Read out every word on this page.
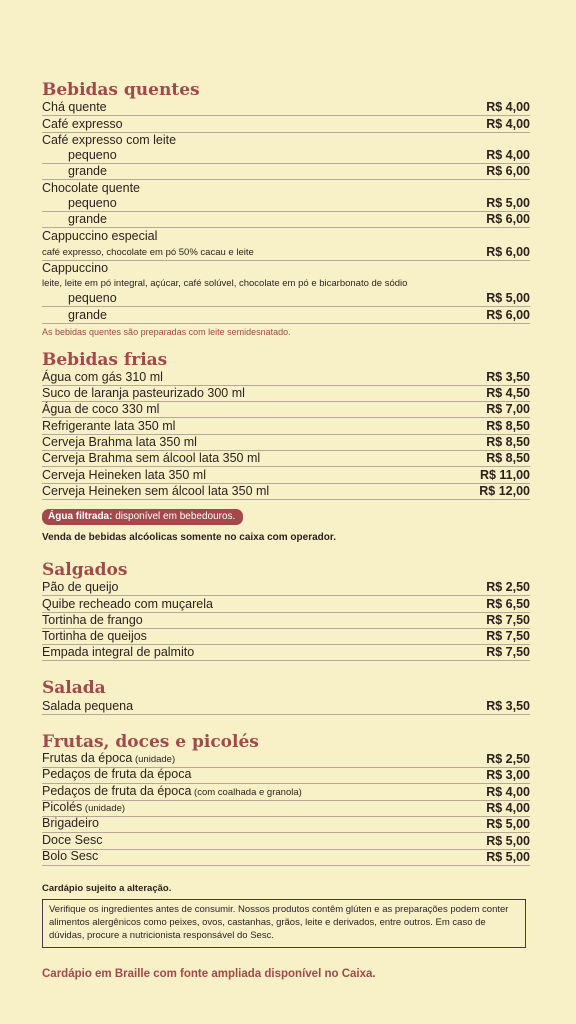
Bebidas quentes
Chá quente	R$ 4,00
Café expresso	R$ 4,00
Café expresso com leite
pequeno	R$ 4,00
grande	R$ 6,00
Chocolate quente
pequeno	R$ 5,00
grande	R$ 6,00
Cappuccino especial
café expresso, chocolate em pó 50% cacau e leite	R$ 6,00
Cappuccino
leite, leite em pó integral, açúcar, café solúvel, chocolate em pó e bicarbonato de sódio
pequeno	R$ 5,00
grande	R$ 6,00
As bebidas quentes são preparadas com leite semidesnatado.
Bebidas frias
Água com gás 310 ml	R$ 3,50
Suco de laranja pasteurizado 300 ml	R$ 4,50
Água de coco 330 ml	R$ 7,00
Refrigerante lata 350 ml	R$ 8,50
Cerveja Brahma lata 350 ml	R$ 8,50
Cerveja Brahma sem álcool lata 350 ml	R$ 8,50
Cerveja Heineken lata 350 ml	R$ 11,00
Cerveja Heineken sem álcool lata 350 ml	R$ 12,00
Água filtrada: disponível em bebedouros.
Venda de bebidas alcóolicas somente no caixa com operador.
Salgados
Pão de queijo	R$ 2,50
Quibe recheado com muçarela	R$ 6,50
Tortinha de frango	R$ 7,50
Tortinha de queijos	R$ 7,50
Empada integral de palmito	R$ 7,50
Salada
Salada pequena	R$ 3,50
Frutas, doces e picolés
Frutas da época (unidade)	R$ 2,50
Pedaços de fruta da época	R$ 3,00
Pedaços de fruta da época (com coalhada e granola)	R$ 4,00
Picolés (unidade)	R$ 4,00
Brigadeiro	R$ 5,00
Doce Sesc	R$ 5,00
Bolo Sesc	R$ 5,00
Cardápio sujeito a alteração.
Verifique os ingredientes antes de consumir. Nossos produtos contêm glúten e as preparações podem conter alimentos alergênicos como peixes, ovos, castanhas, grãos, leite e derivados, entre outros. Em caso de dúvidas, procure a nutricionista responsável do Sesc.
Cardápio em Braille com fonte ampliada disponível no Caixa.
